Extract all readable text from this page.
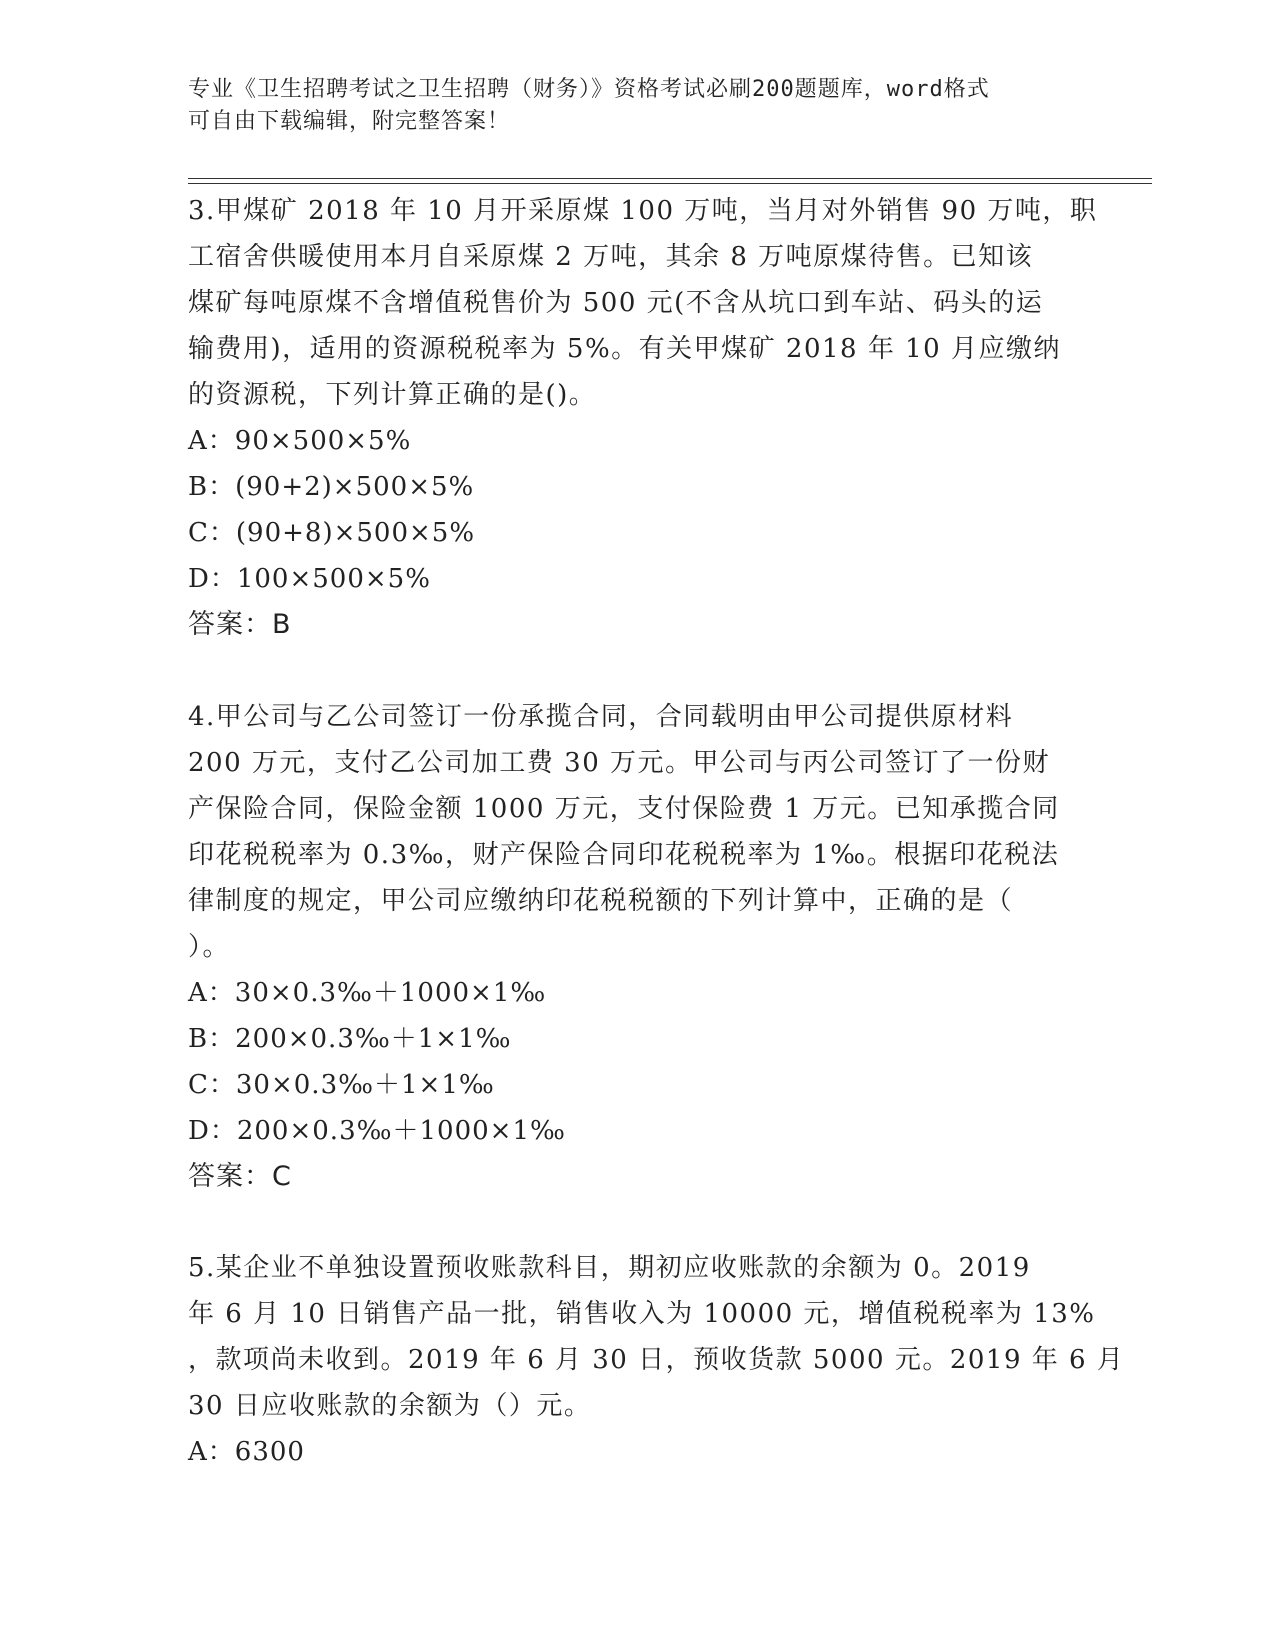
专业《卫生招聘考试之卫生招聘（财务）》资格考试必刷200题题库，word格式
可自由下载编辑，附完整答案！
3.甲煤矿 2018 年 10 月开采原煤 100 万吨，当月对外销售 90 万吨，职
工宿舍供暖使用本月自采原煤 2 万吨，其余 8 万吨原煤待售。已知该
煤矿每吨原煤不含增值税售价为 500 元(不含从坑口到车站、码头的运
输费用)，适用的资源税税率为 5%。有关甲煤矿 2018 年 10 月应缴纳
的资源税，下列计算正确的是()。
A：90×500×5%
B：(90+2)×500×5%
C：(90+8)×500×5%
D：100×500×5%
答案：B
4.甲公司与乙公司签订一份承揽合同，合同载明由甲公司提供原材料
200 万元，支付乙公司加工费 30 万元。甲公司与丙公司签订了一份财
产保险合同，保险金额 1000 万元，支付保险费 1 万元。已知承揽合同
印花税税率为 0.3‰，财产保险合同印花税税率为 1‰。根据印花税法
律制度的规定，甲公司应缴纳印花税税额的下列计算中，正确的是（
）。
A：30×0.3‰＋1000×1‰
B：200×0.3‰＋1×1‰
C：30×0.3‰＋1×1‰
D：200×0.3‰＋1000×1‰
答案：C
5.某企业不单独设置预收账款科目，期初应收账款的余额为 0。2019
年 6 月 10 日销售产品一批，销售收入为 10000 元，增值税税率为 13%
，款项尚未收到。2019 年 6 月 30 日，预收货款 5000 元。2019 年 6 月
30 日应收账款的余额为（）元。
A：6300
